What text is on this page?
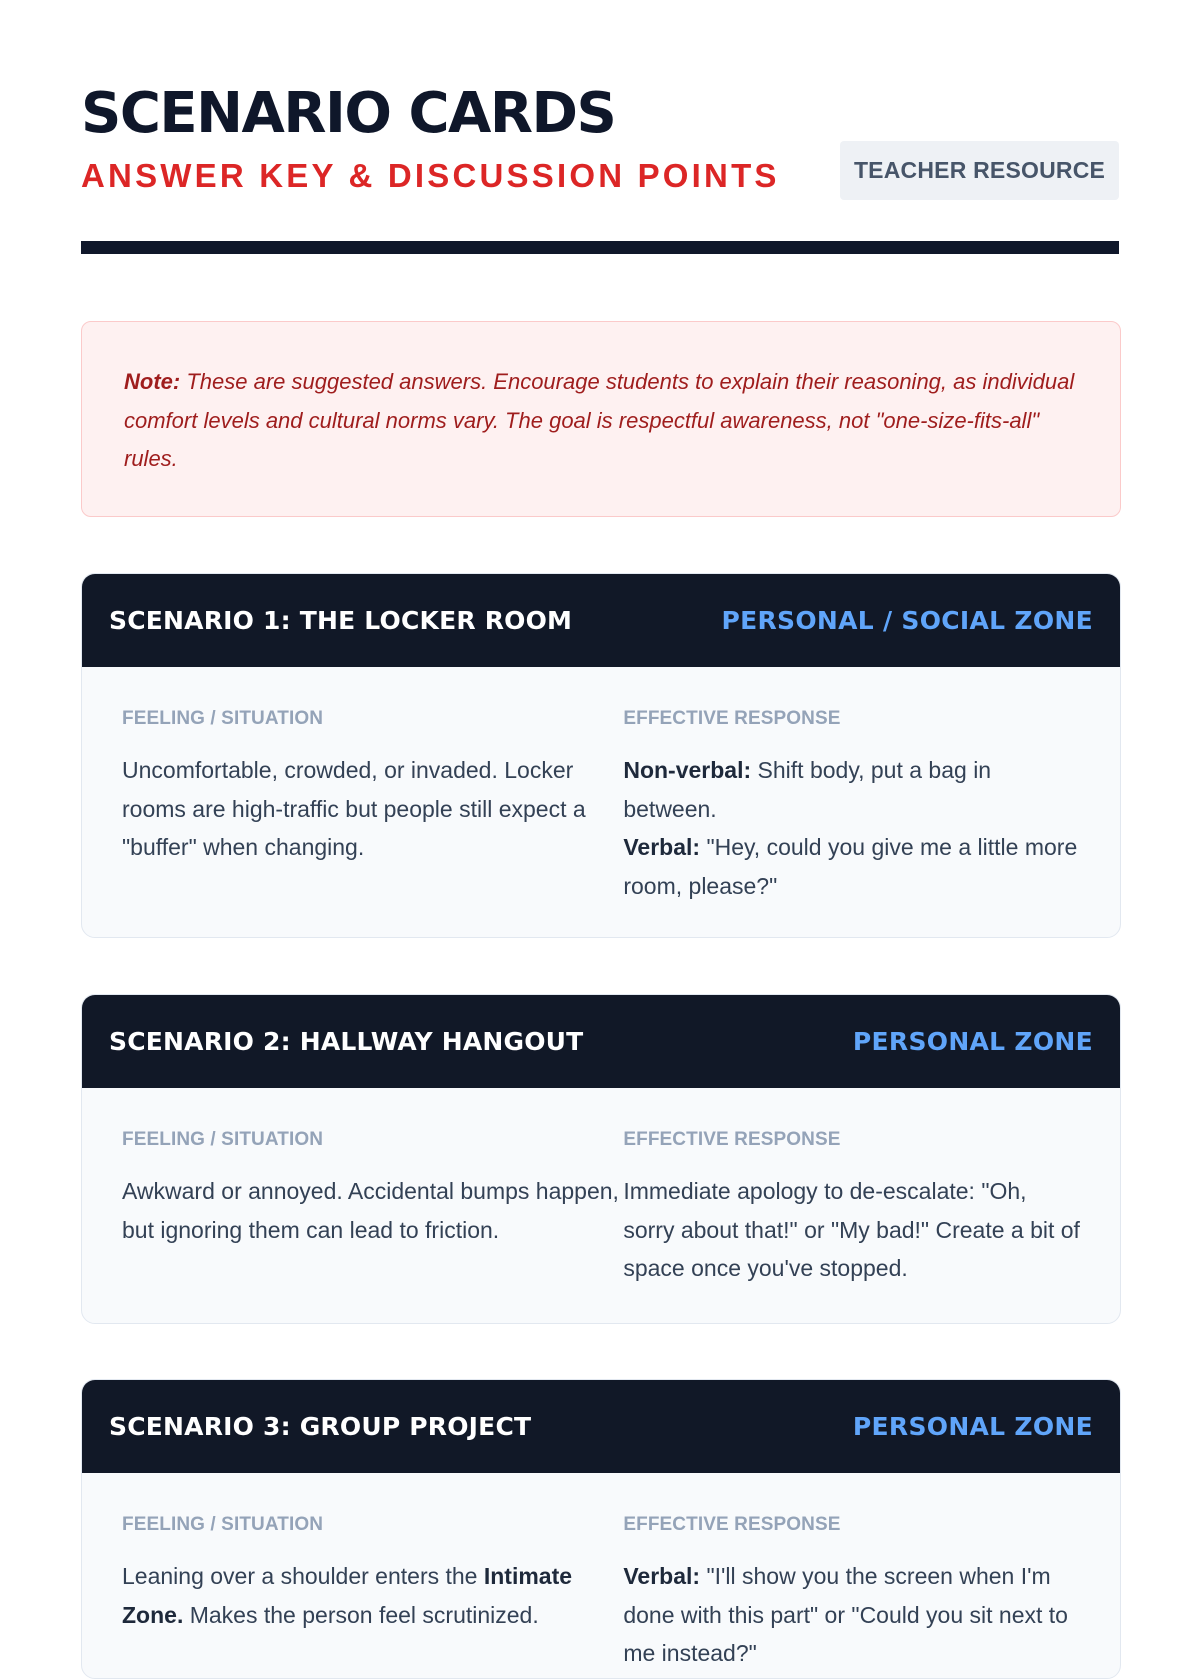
SCENARIO CARDS
ANSWER KEY & DISCUSSION POINTS	TEACHER RESOURCE
Note: These are suggested answers. Encourage students to explain their reasoning, as individual comfort levels and cultural norms vary. The goal is respectful awareness, not "one-size-fits-all" rules.
SCENARIO 1: THE LOCKER ROOM	PERSONAL / SOCIAL ZONE
FEELING / SITUATION
Uncomfortable, crowded, or invaded. Locker rooms are high-traffic but people still expect a "buffer" when changing.
EFFECTIVE RESPONSE
Non-verbal: Shift body, put a bag in between.
Verbal: "Hey, could you give me a little more room, please?"
SCENARIO 2: HALLWAY HANGOUT	PERSONAL ZONE
FEELING / SITUATION
Awkward or annoyed. Accidental bumps happen, but ignoring them can lead to friction.
EFFECTIVE RESPONSE
Immediate apology to de-escalate: "Oh, sorry about that!" or "My bad!" Create a bit of space once you've stopped.
SCENARIO 3: GROUP PROJECT	PERSONAL ZONE
FEELING / SITUATION
Leaning over a shoulder enters the Intimate Zone. Makes the person feel scrutinized.
EFFECTIVE RESPONSE
Verbal: "I'll show you the screen when I'm done with this part" or "Could you sit next to me instead?"
